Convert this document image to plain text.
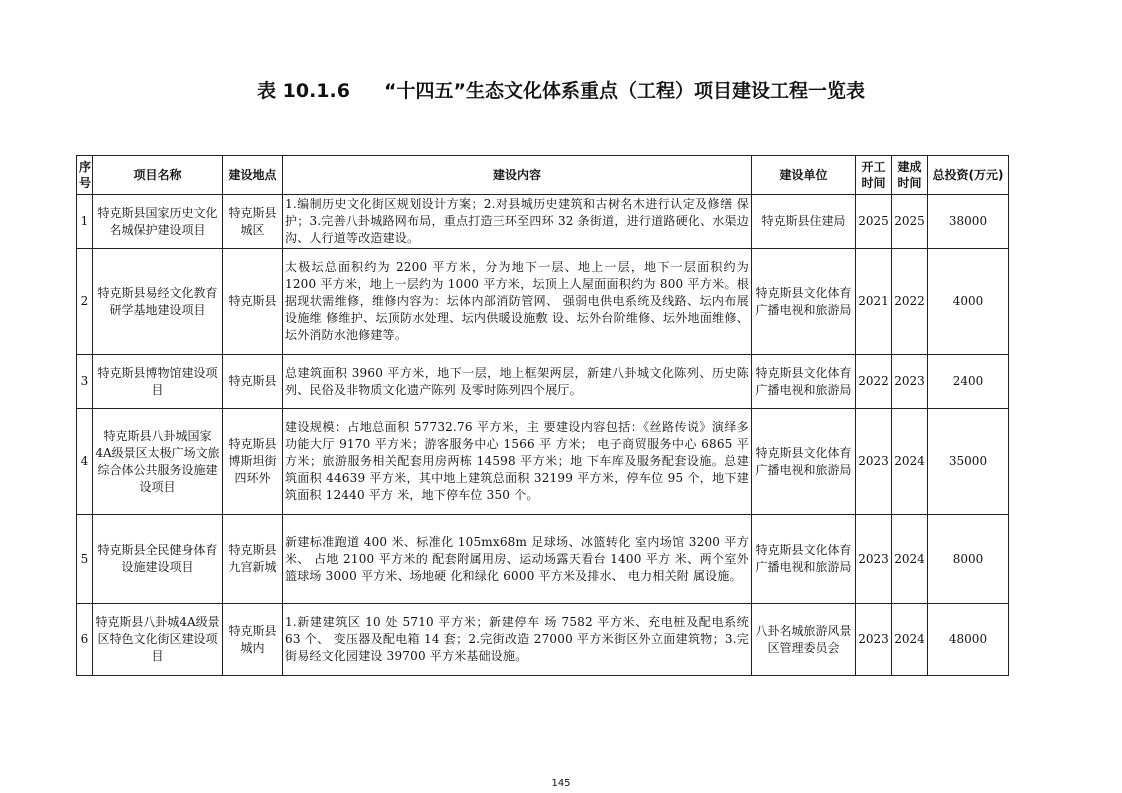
表 10.1.6 “十四五”生态文化体系重点（工程）项目建设工程一览表
序号	项目名称	建设地点	建设内容	建设单位	开工时间	建成时间	总投资(万元)
1	特克斯县国家历史文化名城保护建设项目	特克斯县城区	1.编制历史文化街区规划设计方案；2.对县城历史建筑和古树名木进行认定及修缮 保护；3.完善八卦城路网布局，重点打造三环至四环 32 条街道，进行道路硬化、水渠边沟、人行道等改造建设。	特克斯县住建局	2025	2025	38000
2	特克斯县易经文化教育研学基地建设项目	特克斯县	太极坛总面积约为 2200 平方米，分为地下一层、地上一层，地下一层面积约为 1200 平方米，地上一层约为 1000 平方米，坛顶上人屋面面积约为 800 平方米。根据现状需维修，维修内容为：坛体内部消防管网、 强弱电供电系统及线路、坛内布展设施维 修维护、坛顶防水处理、坛内供暖设施敷 设、坛外台阶维修、坛外地面维修、坛外消防水池修建等。	特克斯县文化体育广播电视和旅游局	2021	2022	4000
3	特克斯县博物馆建设项目	特克斯县	总建筑面积 3960 平方米，地下一层，地上框架两层，新建八卦城文化陈列、历史陈列、民俗及非物质文化遗产陈列 及零时陈列四个展厅。	特克斯县文化体育广播电视和旅游局	2022	2023	2400
4	特克斯县八卦城国家 4A级景区太极广场文旅综合体公共服务设施建设项目	特克斯县 博斯坦街 四环外	建设规模：占地总面积 57732.76 平方米，主 要建设内容包括：《丝路传说》演绎多功能大厅 9170 平方米；游客服务中心 1566 平 方米； 电子商贸服务中心 6865 平方米；旅游服务相关配套用房两栋 14598 平方米；地 下车库及服务配套设施。总建筑面积 44639 平方米，其中地上建筑总面积 32199 平方米，停车位 95 个，地下建筑面积 12440 平方 米，地下停车位 350 个。	特克斯县文化体育广播电视和旅游局	2023	2024	35000
5	特克斯县全民健身体育设施建设项目	特克斯县 九宫新城	新建标准跑道 400 米、标准化 105mx68m 足球场、冰篮转化 室内场馆 3200 平方米、 占地 2100 平方米的 配套附属用房、运动场露天看台 1400 平方 米、两个室外篮球场 3000 平方米、场地硬 化和绿化 6000 平方米及排水、 电力相关附 属设施。	特克斯县文化体育广播电视和旅游局	2023	2024	8000
6	特克斯县八卦城4A级景区特色文化街区建设项目	特克斯县城内	1.新建建筑区 10 处 5710 平方米；新建停车 场 7582 平方米、充电桩及配电系统 63 个、 变压器及配电箱 14 套；2.完街改造 27000 平方米街区外立面建筑物；3.完街易经文化园建设 39700 平方米基础设施。	八卦名城旅游风景区管理委员会	2023	2024	48000
145
